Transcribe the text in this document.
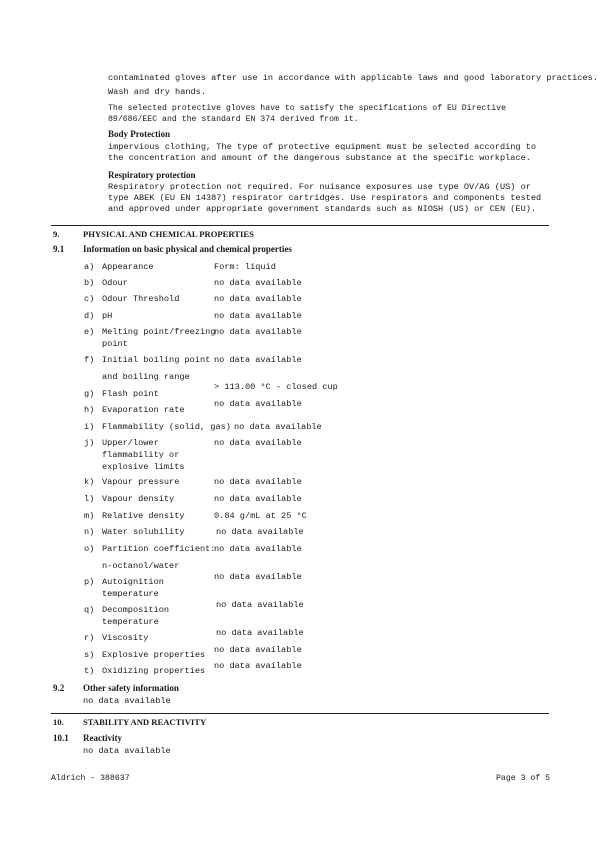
contaminated gloves after use in accordance with applicable laws and good laboratory practices.
Wash and dry hands.
The selected protective gloves have to satisfy the specifications of EU Directive 89/686/EEC and the standard EN 374 derived from it.
Body Protection
impervious clothing, The type of protective equipment must be selected according to the concentration and amount of the dangerous substance at the specific workplace.
Respiratory protection
Respiratory protection not required. For nuisance exposures use type OV/AG (US) or type ABEK (EU EN 14387) respirator cartridges. Use respirators and components tested and approved under appropriate government standards such as NIOSH (US) or CEN (EU).
9.	PHYSICAL AND CHEMICAL PROPERTIES
9.1 Information on basic physical and chemical properties
a) Appearance	Form: liquid
b) Odour	no data available
c) Odour Threshold	no data available
d) pH	no data available
e) Melting point/freezing
point
no data available
f) Initial boiling point
and boiling range
no data available
g) Flash point
> 113.00 °C - closed cup
h) Evaporation rate
no data available
i) Flammability (solid, gas) no data available
j) Upper/lower
flammability or
explosive limits
no data available
k) Vapour pressure	no data available
l) Vapour density	no data available
m) Relative density	0.84 g/mL at 25 °C
n) Water solubility	no data available
o) Partition coefficient:
n-octanol/water
no data available
p) Autoignition
temperature
no data available
q) Decomposition
temperature
no data available
r) Viscosity	no data available
s) Explosive properties no data available
t) Oxidizing properties no data available
9.2 Other safety information
no data available
10. STABILITY AND REACTIVITY
10.1 Reactivity
no data available
Aldrich - 388637	Page 3 of 5
